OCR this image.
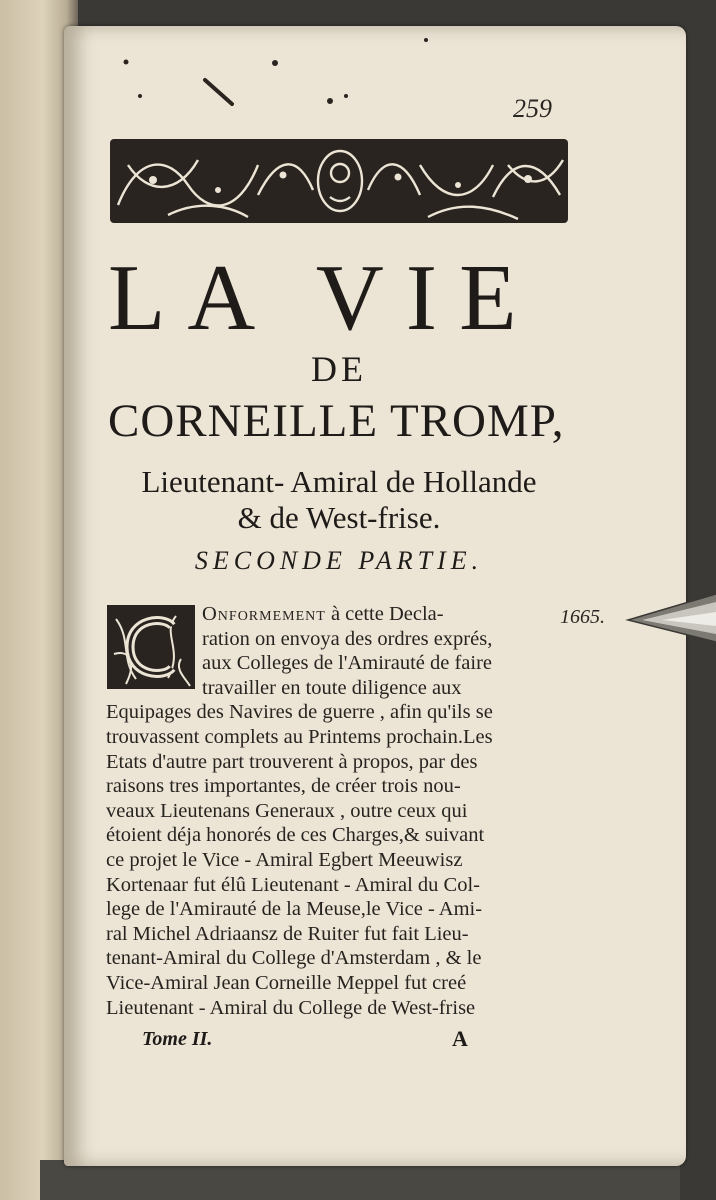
259
LA VIE
DE
CORNEILLE TROMP,
Lieutenant- Amiral de Hollande
& de West-frise.
SECONDE PARTIE.
Onformement à cette Decla-
ration on envoya des ordres exprés,
aux Colleges de l'Amirauté de faire
travailler en toute diligence aux
Equipages des Navires de guerre , afin qu'ils se
trouvassent complets au Printems prochain.Les
Etats d'autre part trouverent à propos, par des
raisons tres importantes, de créer trois nou-
veaux Lieutenans Generaux , outre ceux qui
étoient déja honorés de ces Charges,& suivant
ce projet le Vice - Amiral Egbert Meeuwisz
Kortenaar fut élû Lieutenant - Amiral du Col-
lege de l'Amirauté de la Meuse,le Vice - Ami-
ral Michel Adriaansz de Ruiter fut fait Lieu-
tenant-Amiral du College d'Amsterdam , & le
Vice-Amiral Jean Corneille Meppel fut creé
Lieutenant - Amiral du College de West-frise
1665.
Tome II.	A
